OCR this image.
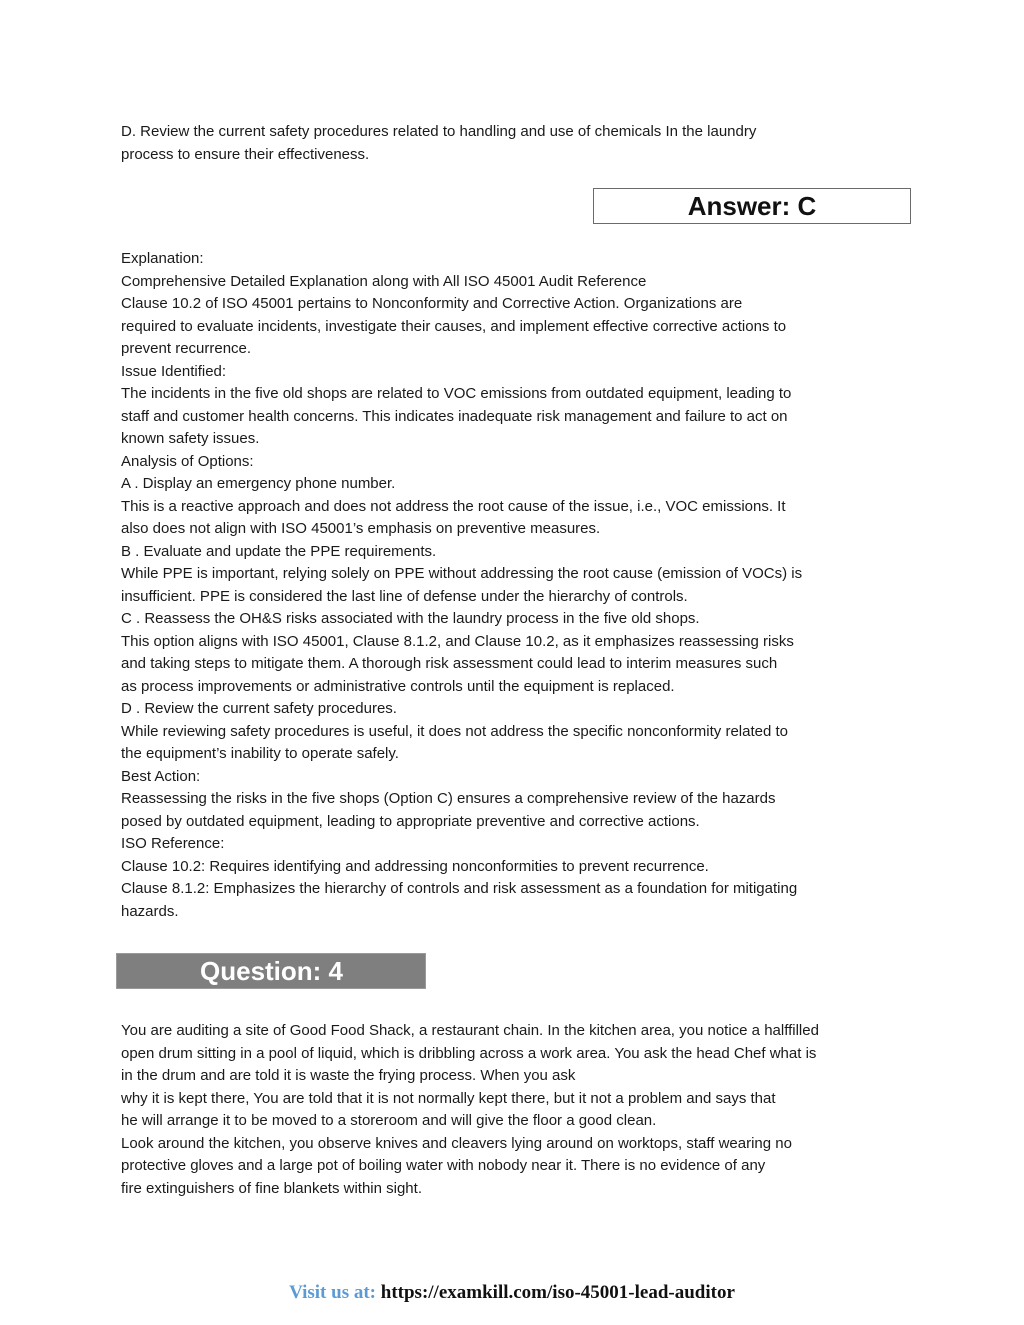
D. Review the current safety procedures related to handling and use of chemicals In the laundry
process to ensure their effectiveness.
Answer: C
Explanation:
Comprehensive Detailed Explanation along with All ISO 45001 Audit Reference
Clause 10.2 of ISO 45001 pertains to Nonconformity and Corrective Action. Organizations are
required to evaluate incidents, investigate their causes, and implement effective corrective actions to
prevent recurrence.
Issue Identified:
The incidents in the five old shops are related to VOC emissions from outdated equipment, leading to
staff and customer health concerns. This indicates inadequate risk management and failure to act on
known safety issues.
Analysis of Options:
A . Display an emergency phone number.
This is a reactive approach and does not address the root cause of the issue, i.e., VOC emissions. It
also does not align with ISO 45001’s emphasis on preventive measures.
B . Evaluate and update the PPE requirements.
While PPE is important, relying solely on PPE without addressing the root cause (emission of VOCs) is
insufficient. PPE is considered the last line of defense under the hierarchy of controls.
C . Reassess the OH&S risks associated with the laundry process in the five old shops.
This option aligns with ISO 45001, Clause 8.1.2, and Clause 10.2, as it emphasizes reassessing risks
and taking steps to mitigate them. A thorough risk assessment could lead to interim measures such
as process improvements or administrative controls until the equipment is replaced.
D . Review the current safety procedures.
While reviewing safety procedures is useful, it does not address the specific nonconformity related to
the equipment’s inability to operate safely.
Best Action:
Reassessing the risks in the five shops (Option C) ensures a comprehensive review of the hazards
posed by outdated equipment, leading to appropriate preventive and corrective actions.
ISO Reference:
Clause 10.2: Requires identifying and addressing nonconformities to prevent recurrence.
Clause 8.1.2: Emphasizes the hierarchy of controls and risk assessment as a foundation for mitigating
hazards.
Question: 4
You are auditing a site of Good Food Shack, a restaurant chain. In the kitchen area, you notice a halffilled
open drum sitting in a pool of liquid, which is dribbling across a work area. You ask the head Chef what is
in the drum and are told it is waste the frying process. When you ask
why it is kept there, You are told that it is not normally kept there, but it not a problem and says that
he will arrange it to be moved to a storeroom and will give the floor a good clean.
Look around the kitchen, you observe knives and cleavers lying around on worktops, staff wearing no
protective gloves and a large pot of boiling water with nobody near it. There is no evidence of any
fire extinguishers of fine blankets within sight.
Visit us at: https://examkill.com/iso-45001-lead-auditor
